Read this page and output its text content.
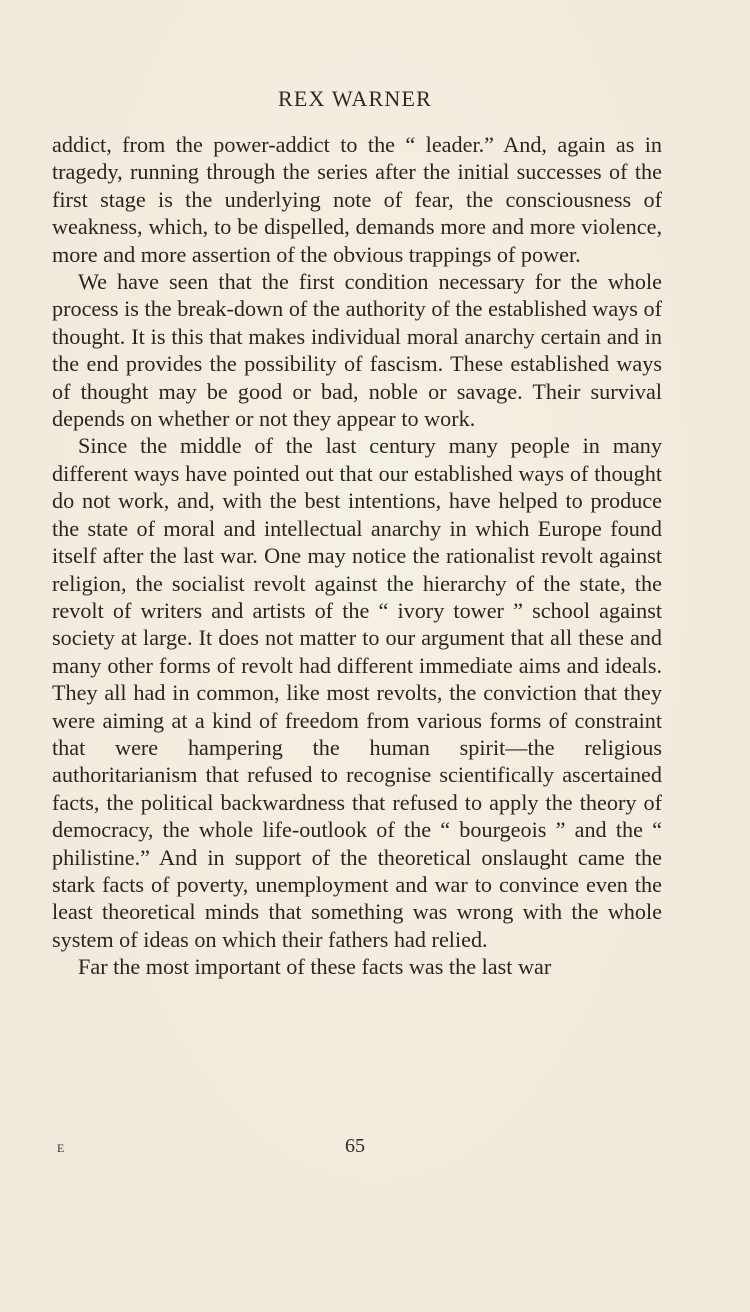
REX WARNER

addict, from the power-addict to the “ leader.” And, again as in tragedy, running through the series after the initial successes of the first stage is the underlying note of fear, the consciousness of weakness, which, to be dispelled, demands more and more violence, more and more assertion of the obvious trappings of power.

We have seen that the first condition necessary for the whole process is the break-down of the authority of the established ways of thought. It is this that makes individual moral anarchy certain and in the end provides the possibility of fascism. These established ways of thought may be good or bad, noble or savage. Their survival depends on whether or not they appear to work.

Since the middle of the last century many people in many different ways have pointed out that our established ways of thought do not work, and, with the best intentions, have helped to produce the state of moral and intellectual anarchy in which Europe found itself after the last war. One may notice the rationalist revolt against religion, the socialist revolt against the hierarchy of the state, the revolt of writers and artists of the “ ivory tower ” school against society at large. It does not matter to our argument that all these and many other forms of revolt had different immediate aims and ideals. They all had in common, like most revolts, the conviction that they were aiming at a kind of freedom from various forms of constraint that were hampering the human spirit—the religious authoritarianism that refused to recognise scientifically ascertained facts, the political backwardness that refused to apply the theory of democracy, the whole life-outlook of the “ bourgeois ” and the “ philistine.” And in support of the theoretical onslaught came the stark facts of poverty, unemployment and war to convince even the least theoretical minds that something was wrong with the whole system of ideas on which their fathers had relied.

Far the most important of these facts was the last war

E	65
